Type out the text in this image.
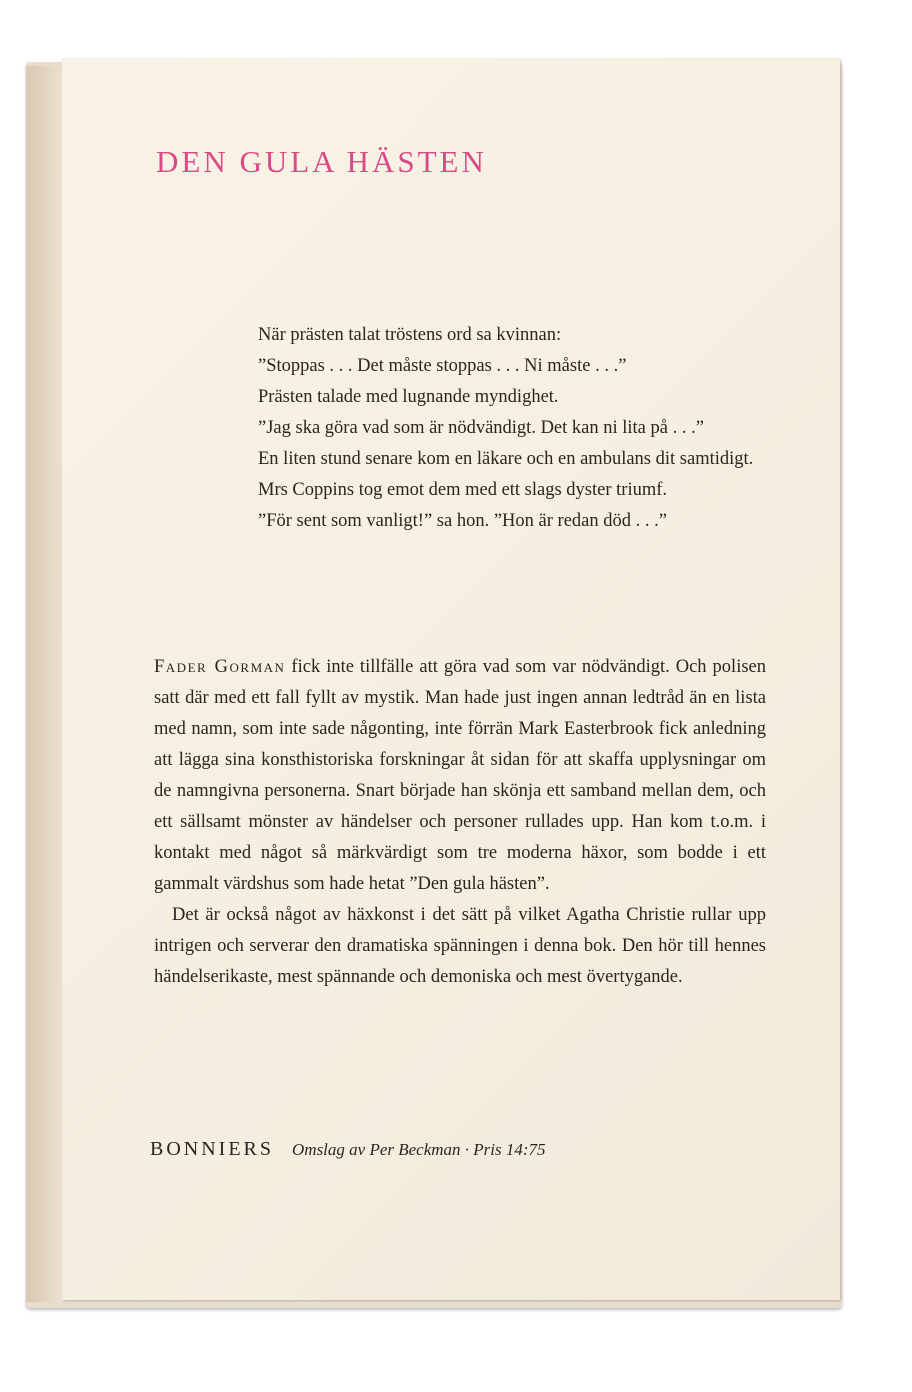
DEN GULA HÄSTEN

När prästen talat tröstens ord sa kvinnan:

”Stoppas . . . Det måste stoppas . . . Ni måste . . .”

Prästen talade med lugnande myndighet.

”Jag ska göra vad som är nödvändigt. Det kan ni lita på . . .”

En liten stund senare kom en läkare och en ambulans dit samtidigt. Mrs Coppins tog emot dem med ett slags dyster triumf.

”För sent som vanligt!” sa hon. ”Hon är redan död . . .”

Fader Gorman fick inte tillfälle att göra vad som var nödvändigt. Och polisen satt där med ett fall fyllt av mystik. Man hade just ingen annan ledtråd än en lista med namn, som inte sade någonting, inte förrän Mark Easterbrook fick anledning att lägga sina konsthistoriska forskningar åt sidan för att skaffa upplysningar om de namngivna personerna. Snart började han skönja ett samband mellan dem, och ett sällsamt mönster av händelser och personer rullades upp. Han kom t.o.m. i kontakt med något så märkvärdigt som tre moderna häxor, som bodde i ett gammalt värdshus som hade hetat ”Den gula hästen”.

Det är också något av häxkonst i det sätt på vilket Agatha Christie rullar upp intrigen och serverar den dramatiska spänningen i denna bok. Den hör till hennes händelserikaste, mest spännande och demoniska och mest övertygande.

BONNIERS Omslag av Per Beckman · Pris 14:75
